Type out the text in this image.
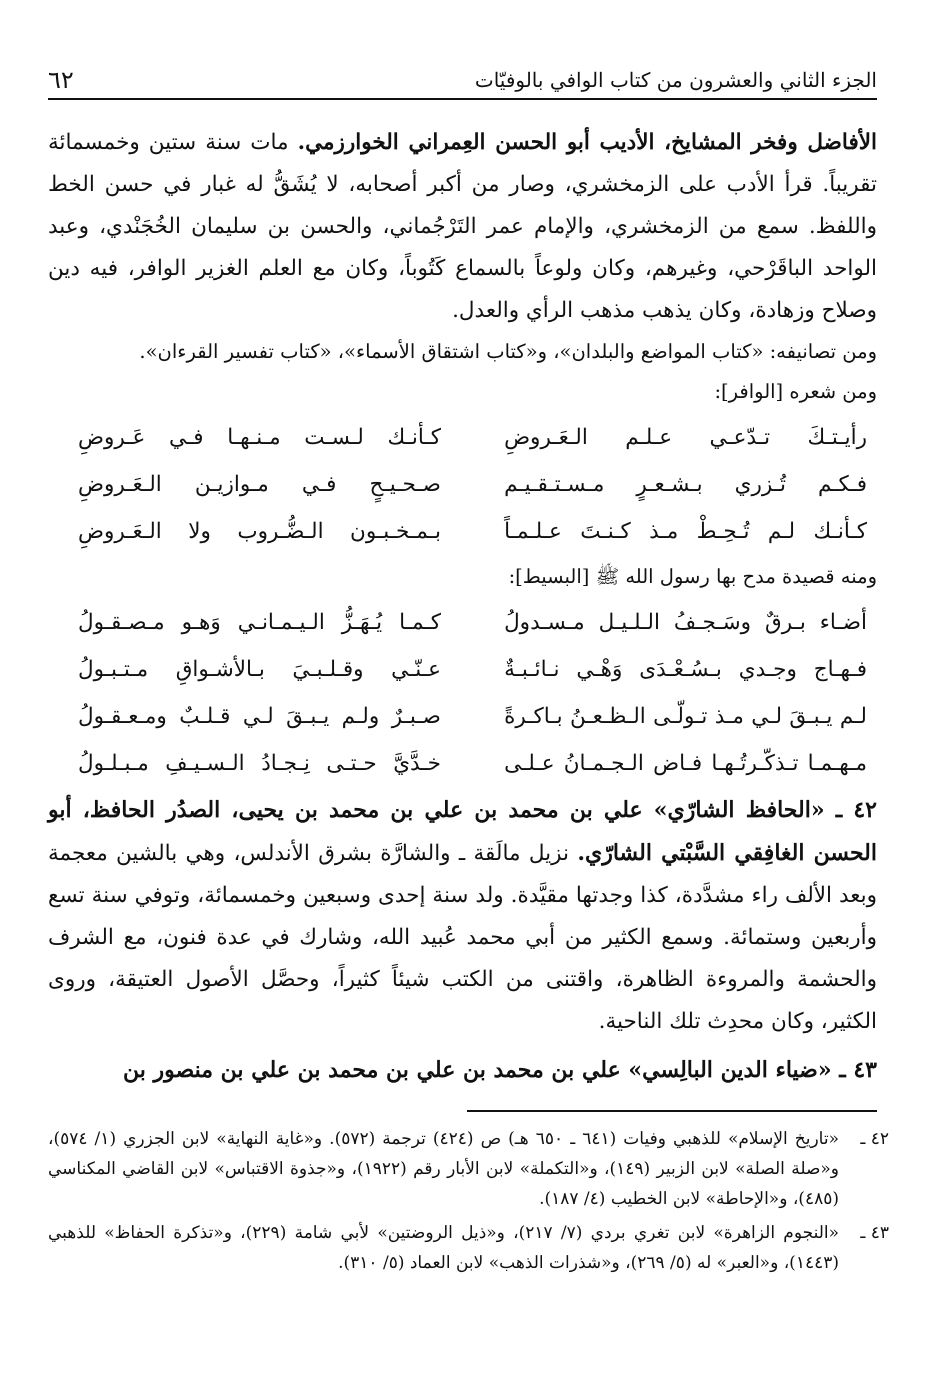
الجزء الثاني والعشرون من كتاب الوافي بالوفيّات
٦٢

الأفاضل وفخر المشايخ، الأديب أبو الحسن العِمراني الخوارزمي. مات سنة ستين وخمسمائة تقريباً. قرأ الأدب على الزمخشري، وصار من أكبر أصحابه، لا يُشَقُّ له غبار في حسن الخط واللفظ. سمع من الزمخشري، والإمام عمر التَرْجُماني، والحسن بن سليمان الخُجَنْدي، وعبد الواحد الباقَرْحي، وغيرهم، وكان ولوعاً بالسماع كَتُوباً، وكان مع العلم الغزير الوافر، فيه دين وصلاح وزهادة، وكان يذهب مذهب الرأي والعدل.

ومن تصانيفه: «كتاب المواضع والبلدان»، و«كتاب اشتقاق الأسماء»، «كتاب تفسير القرءان».

ومن شعره [الوافر]:

رأيـتـكَ تـدّعـي عـلـم الـعَـروضِ
كـأنـك لـسـت مـنـهـا فـي عَـروضِ
فـكـم تُـزري بـشـعـرٍ مـسـتـقـيـم
صـحـيـحٍ فـي مـوازيـن الـعَـروضِ
كـأنـك لـم تُـحِـطْ مـذ كـنـتَ عـلـمـاً
بـمـخـبـون الـضُّـروب ولا الـعَـروضِ

ومنه قصيدة مدح بها رسول الله ﷺ [البسيط]:

أضـاء بـرقٌ وسَـجـفُ الـلـيـل مـسـدولُ
كـمـا يُـهَـزُّ الـيـمـانـي وَهـو مـصـقـولُ
فـهـاج وجـدي بـسُـعْـدَى وَهْـي نـائـبـةٌ
عـنّـي وقـلـبـيَ بـالأشـواقِ مـتـبـولُ
لـم يـبـقَ لـي مـذ تـولّـى الـظـعـنُ بـاكـرةً
صـبـرٌ ولـم يـبـقَ لـي قـلـبٌ ومـعـقـولُ
مـهـمـا تـذكّـرتُـهـا فـاض الـجـمـانُ عـلـى
خـدَّيَّ حـتـى نِـجـادُ الـسـيـفِ مـبـلـولُ

٤٢ ـ «الحافظ الشارّي» علي بن محمد بن علي بن محمد بن يحيى، الصدُر الحافظ، أبو الحسن الغافِقي السَّبْتي الشارّي. نزيل مالَقة ـ والشارَّة بشرق الأندلس، وهي بالشين معجمة وبعد الألف راء مشدَّدة، كذا وجدتها مقيَّدة. ولد سنة إحدى وسبعين وخمسمائة، وتوفي سنة تسع وأربعين وستمائة. وسمع الكثير من أبي محمد عُبيد الله، وشارك في عدة فنون، مع الشرف والحشمة والمروءة الظاهرة، واقتنى من الكتب شيئاً كثيراً، وحصَّل الأصول العتيقة، وروى الكثير، وكان محدِث تلك الناحية.

٤٣ ـ «ضياء الدين البالِسي» علي بن محمد بن علي بن محمد بن علي بن منصور بن

٤٢ ـ
«تاريخ الإسلام» للذهبي وفيات (٦٤١ ـ ٦٥٠ هـ) ص (٤٢٤) ترجمة (٥٧٢). و«غاية النهاية» لابن الجزري (١/ ٥٧٤)، و«صلة الصلة» لابن الزبير (١٤٩)، و«التكملة» لابن الأبار رقم (١٩٢٢)، و«جذوة الاقتباس» لابن القاضي المكناسي (٤٨٥)، و«الإحاطة» لابن الخطيب (٤/ ١٨٧).
٤٣ ـ
«النجوم الزاهرة» لابن تغري بردي (٧/ ٢١٧)، و«ذيل الروضتين» لأبي شامة (٢٢٩)، و«تذكرة الحفاظ» للذهبي (١٤٤٣)، و«العبر» له (٥/ ٢٦٩)، و«شذرات الذهب» لابن العماد (٥/ ٣١٠).
